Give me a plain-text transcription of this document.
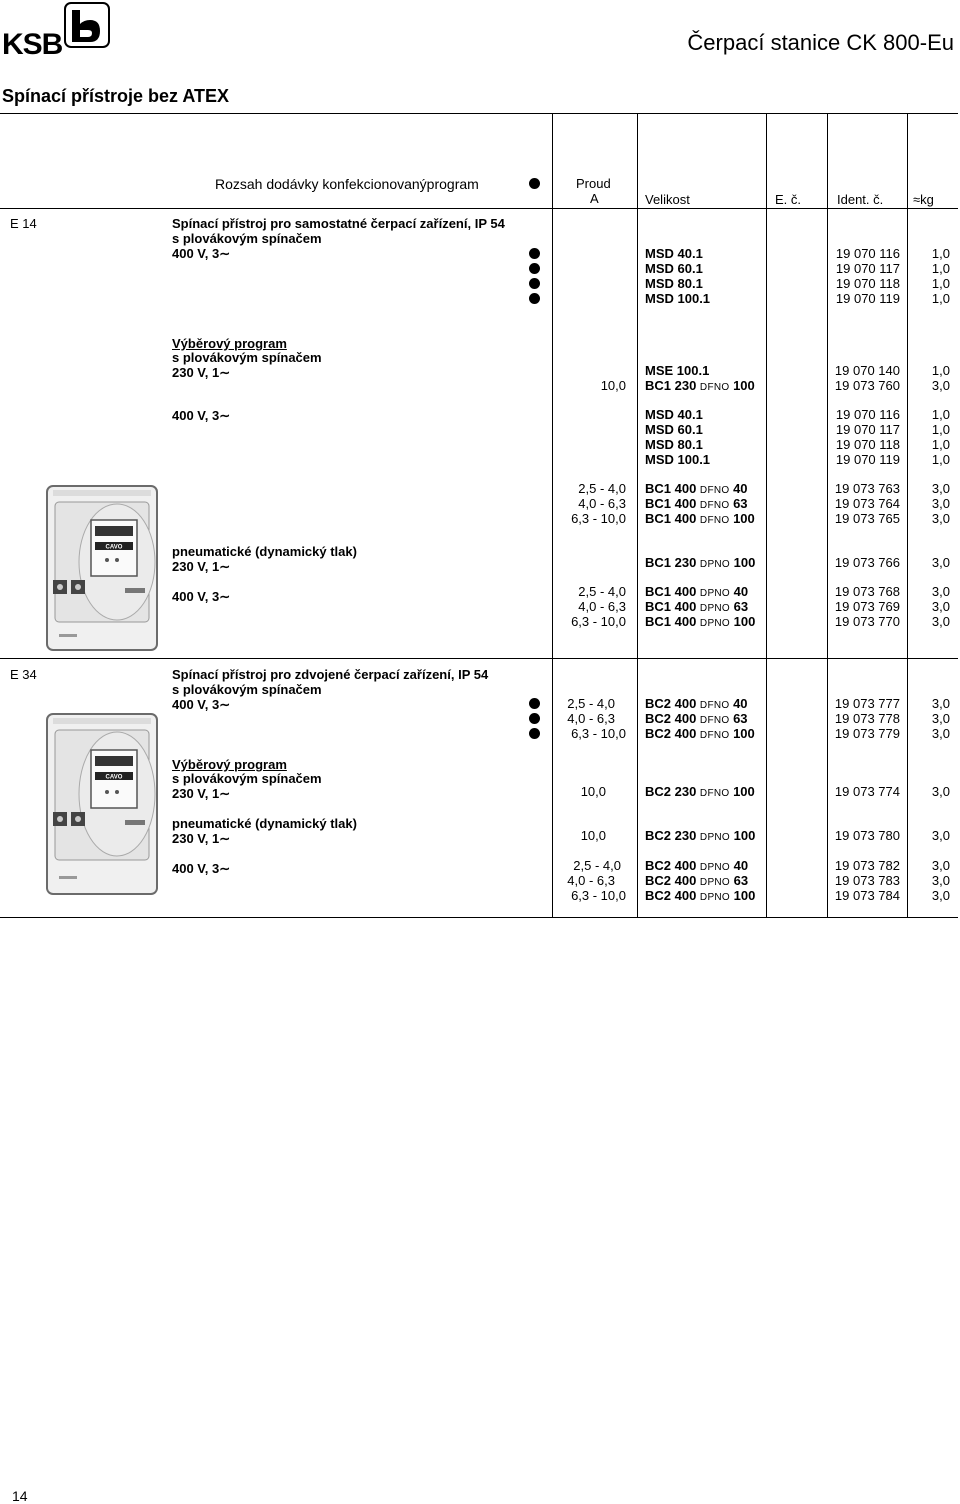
KSB	Čerpací stanice CK 800-Eu
Spínací přístroje bez ATEX
Rozsah dodávky konfekcionovanýprogram	Proud
A	Velikost	E. č.	Ident. č. ≈kg
E 14	Spínací přístroj pro samostatné čerpací zařízení, IP 54
s plovákovým spínačem
400 V, 3∼	MSD 40.1	19 070 116	1,0
MSD 60.1	19 070 117	1,0
MSD 80.1	19 070 118	1,0
MSD 100.1	19 070 119	1,0
Výběrový program
s plovákovým spínačem
230 V, 1∼	MSE 100.1	19 070 140	1,0
10,0 BC1 230 DFNO 100	19 073 760	3,0
400 V, 3∼	MSD 40.1	19 070 116	1,0
MSD 60.1	19 070 117	1,0
MSD 80.1	19 070 118	1,0
MSD 100.1	19 070 119	1,0
2,5 - 4,0 BC1 400 DFNO 40	19 073 763	3,0
4,0 - 6,3 BC1 400 DFNO 63	19 073 764	3,0
6,3 - 10,0 BC1 400 DFNO 100	19 073 765	3,0
pneumatické (dynamický tlak)
230 V, 1∼	BC1 230 DPNO 100	19 073 766	3,0
400 V, 3∼	2,5 - 4,0 BC1 400 DPNO 40	19 073 768	3,0
4,0 - 6,3 BC1 400 DPNO 63	19 073 769	3,0
6,3 - 10,0 BC1 400 DPNO 100	19 073 770	3,0
CAVO
E 34	Spínací přístroj pro zdvojené čerpací zařízení, IP 54
s plovákovým spínačem
400 V, 3∼	2,5 - 4,0 BC2 400 DFNO 40	19 073 777	3,0
4,0 - 6,3 BC2 400 DFNO 63	19 073 778	3,0
6,3 - 10,0 BC2 400 DFNO 100	19 073 779	3,0
Výběrový program
s plovákovým spínačem
230 V, 1∼	10,0	BC2 230 DFNO 100	19 073 774	3,0
pneumatické (dynamický tlak)
230 V, 1∼	10,0	BC2 230 DPNO 100	19 073 780	3,0
400 V, 3∼	2,5 - 4,0 BC2 400 DPNO 40	19 073 782	3,0
4,0 - 6,3 BC2 400 DPNO 63	19 073 783	3,0
6,3 - 10,0 BC2 400 DPNO 100	19 073 784	3,0
CAVO
14
